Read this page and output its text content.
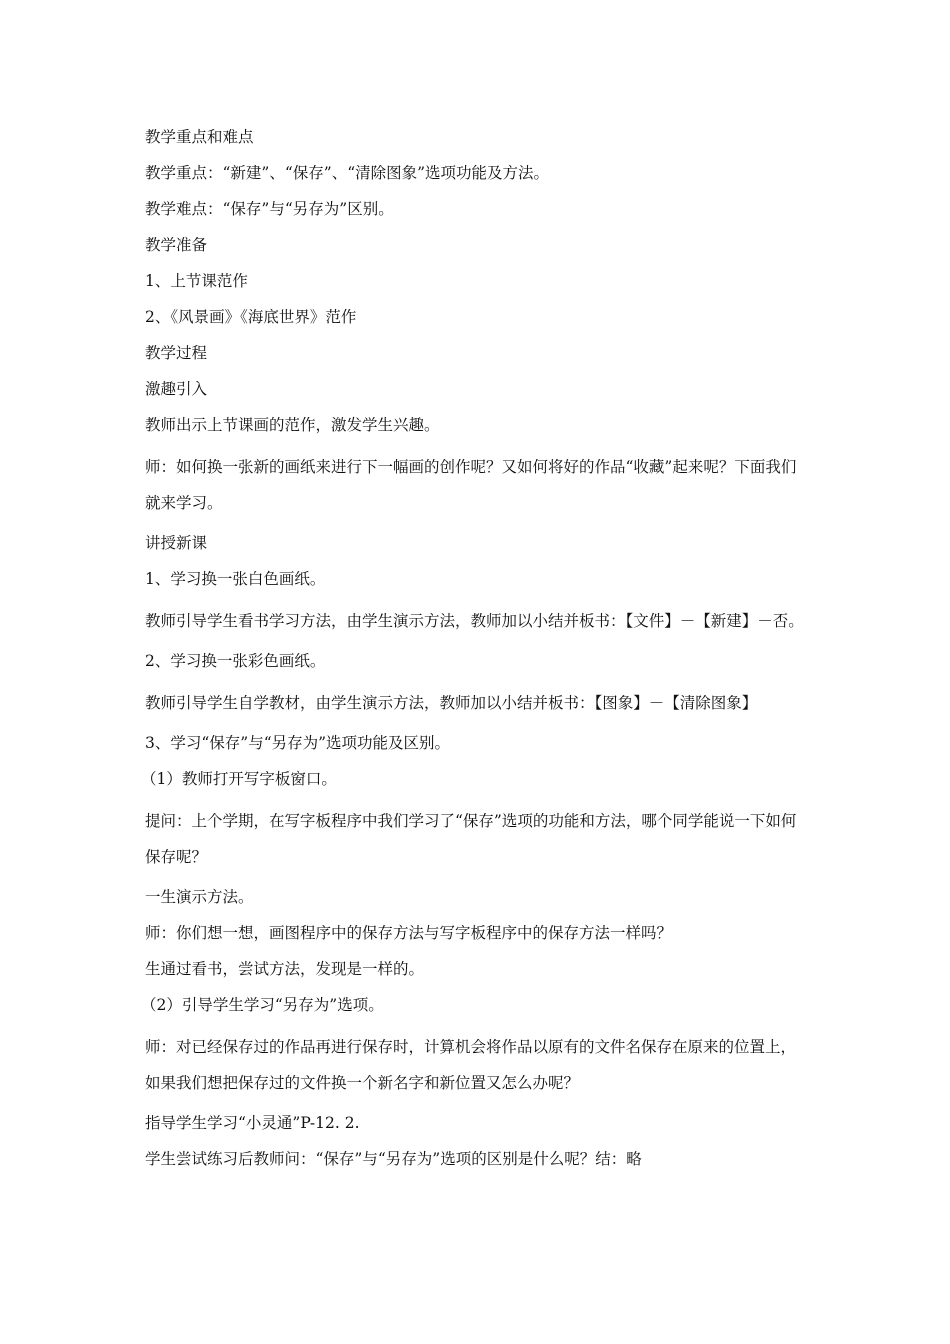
教学重点和难点

教学重点：“新建”、“保存”、“清除图象”选项功能及方法。

教学难点：“保存”与“另存为”区别。

教学准备

1、上节课范作

2、《风景画》《海底世界》范作

教学过程

激趣引入

教师出示上节课画的范作，激发学生兴趣。

师：如何换一张新的画纸来进行下一幅画的创作呢？又如何将好的作品“收藏”起来呢？下面我们就来学习。

讲授新课

1、学习换一张白色画纸。

教师引导学生看书学习方法，由学生演示方法，教师加以小结并板书：【文件】－【新建】－否。

2、学习换一张彩色画纸。

教师引导学生自学教材，由学生演示方法，教师加以小结并板书：【图象】－【清除图象】

3、学习“保存”与“另存为”选项功能及区别。

（1）教师打开写字板窗口。

提问：上个学期，在写字板程序中我们学习了“保存”选项的功能和方法，哪个同学能说一下如何保存呢？

一生演示方法。

师：你们想一想，画图程序中的保存方法与写字板程序中的保存方法一样吗？

生通过看书，尝试方法，发现是一样的。

（2）引导学生学习“另存为”选项。

师：对已经保存过的作品再进行保存时，计算机会将作品以原有的文件名保存在原来的位置上，如果我们想把保存过的文件换一个新名字和新位置又怎么办呢？

指导学生学习“小灵通”P-12. 2.

学生尝试练习后教师问：“保存”与“另存为”选项的区别是什么呢？结：略
